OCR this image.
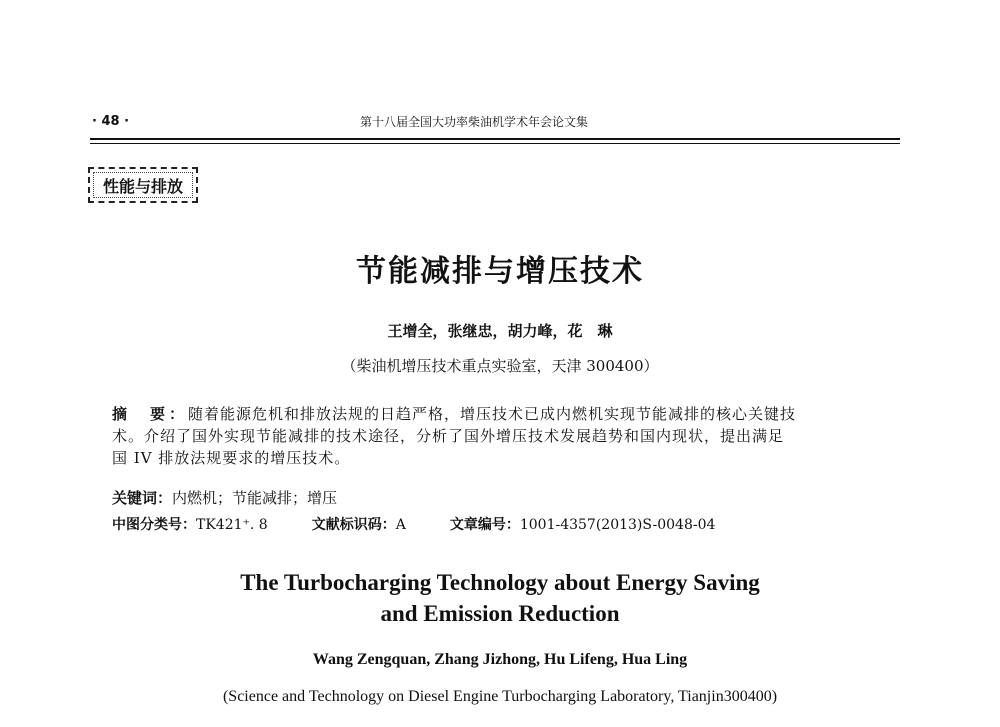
· 48 ·	第十八届全国大功率柴油机学术年会论文集
性能与排放
节能减排与增压技术
王增全，张继忠，胡力峰，花　琳
（柴油机增压技术重点实验室，天津 300400）
摘　要：随着能源危机和排放法规的日趋严格，增压技术已成内燃机实现节能减排的核心关键技
术。介绍了国外实现节能减排的技术途径，分析了国外增压技术发展趋势和国内现状，提出满足
国 IV 排放法规要求的增压技术。
关键词：内燃机；节能减排；增压
中图分类号：TK421⁺. 8	文献标识码：A	文章编号：1001-4357(2013)S-0048-04
The Turbocharging Technology about Energy Saving
and Emission Reduction
Wang Zengquan, Zhang Jizhong, Hu Lifeng, Hua Ling
(Science and Technology on Diesel Engine Turbocharging Laboratory, Tianjin300400)
